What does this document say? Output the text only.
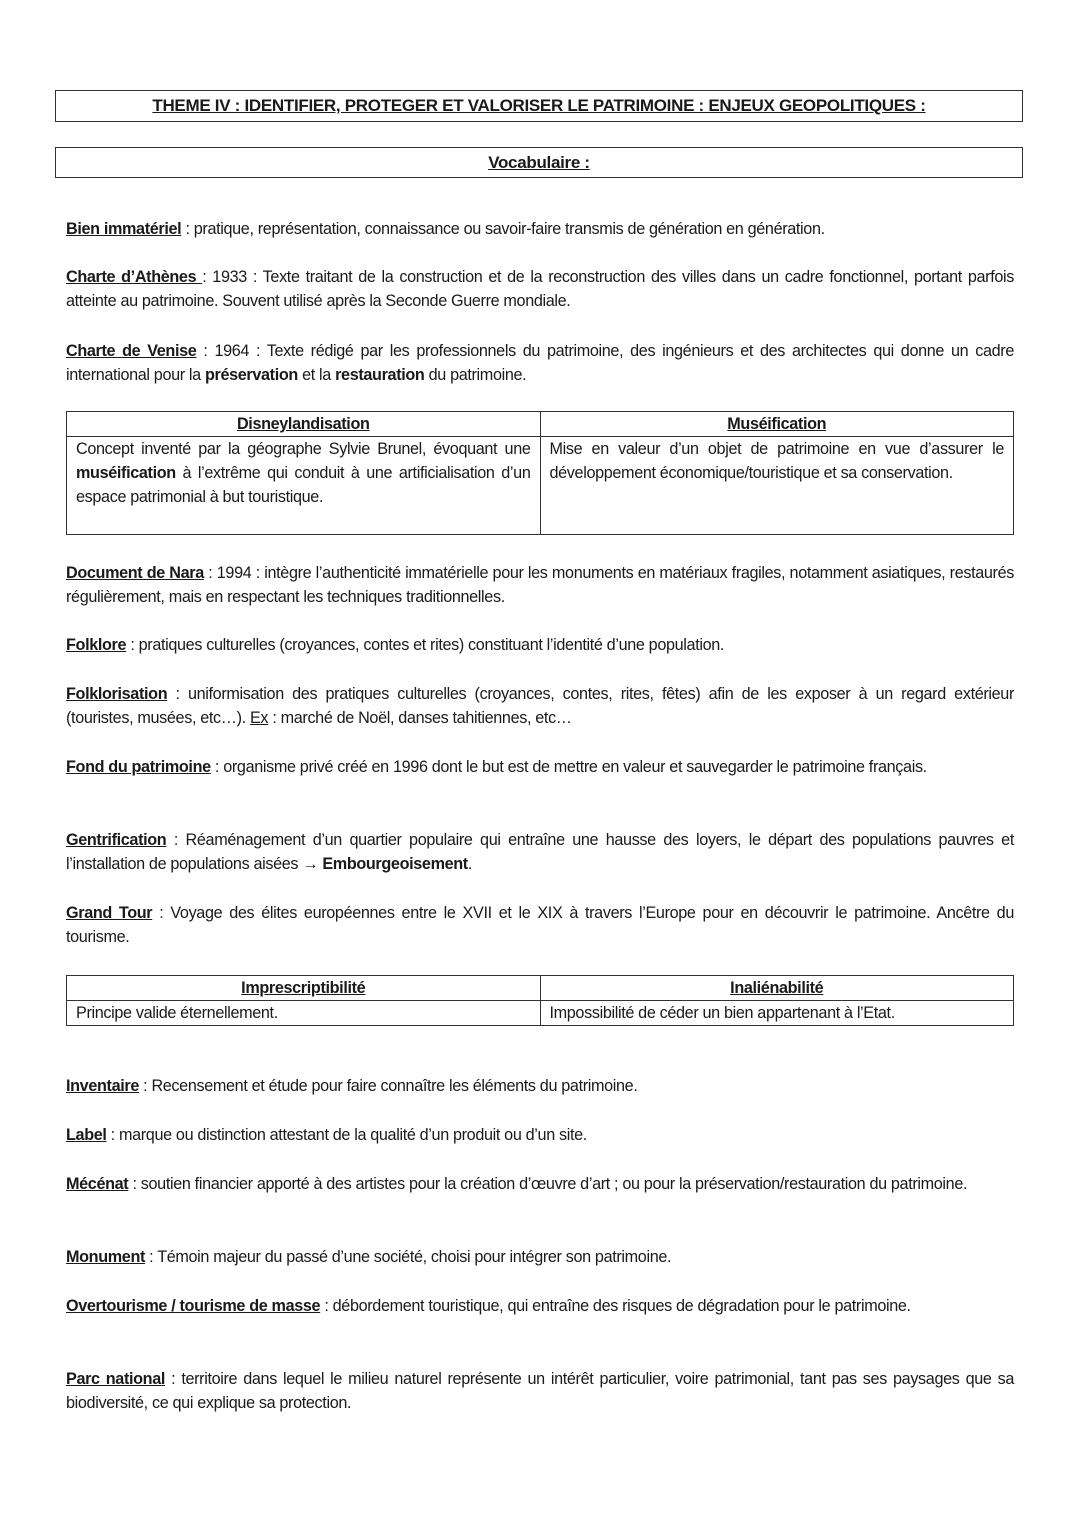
THEME IV : IDENTIFIER, PROTEGER ET VALORISER LE PATRIMOINE : ENJEUX GEOPOLITIQUES :
Vocabulaire :
Bien immatériel : pratique, représentation, connaissance ou savoir-faire transmis de génération en génération.
Charte d’Athènes : 1933 : Texte traitant de la construction et de la reconstruction des villes dans un cadre fonctionnel, portant parfois atteinte au patrimoine. Souvent utilisé après la Seconde Guerre mondiale.
Charte de Venise : 1964 : Texte rédigé par les professionnels du patrimoine, des ingénieurs et des architectes qui donne un cadre international pour la préservation et la restauration du patrimoine.
Disneylandisation	Muséification
Concept inventé par la géographe Sylvie Brunel, évoquant une muséification à l’extrême qui conduit à une artificialisation d’un espace patrimonial à but touristique.	Mise en valeur d’un objet de patrimoine en vue d’assurer le développement économique/touristique et sa conservation.
Document de Nara : 1994 : intègre l’authenticité immatérielle pour les monuments en matériaux fragiles, notamment asiatiques, restaurés régulièrement, mais en respectant les techniques traditionnelles.
Folklore : pratiques culturelles (croyances, contes et rites) constituant l’identité d’une population.
Folklorisation : uniformisation des pratiques culturelles (croyances, contes, rites, fêtes) afin de les exposer à un regard extérieur (touristes, musées, etc…). Ex : marché de Noël, danses tahitiennes, etc…
Fond du patrimoine : organisme privé créé en 1996 dont le but est de mettre en valeur et sauvegarder le patrimoine français.
Gentrification : Réaménagement d’un quartier populaire qui entraîne une hausse des loyers, le départ des populations pauvres et l’installation de populations aisées → Embourgeoisement.
Grand Tour : Voyage des élites européennes entre le XVII et le XIX à travers l’Europe pour en découvrir le patrimoine. Ancêtre du tourisme.
Imprescriptibilité	Inaliénabilité
Principe valide éternellement.	Impossibilité de céder un bien appartenant à l’Etat.
Inventaire : Recensement et étude pour faire connaître les éléments du patrimoine.
Label : marque ou distinction attestant de la qualité d’un produit ou d’un site.
Mécénat : soutien financier apporté à des artistes pour la création d’œuvre d’art ; ou pour la préservation/restauration du patrimoine.
Monument : Témoin majeur du passé d’une société, choisi pour intégrer son patrimoine.
Overtourisme / tourisme de masse : débordement touristique, qui entraîne des risques de dégradation pour le patrimoine.
Parc national : territoire dans lequel le milieu naturel représente un intérêt particulier, voire patrimonial, tant pas ses paysages que sa biodiversité, ce qui explique sa protection.
